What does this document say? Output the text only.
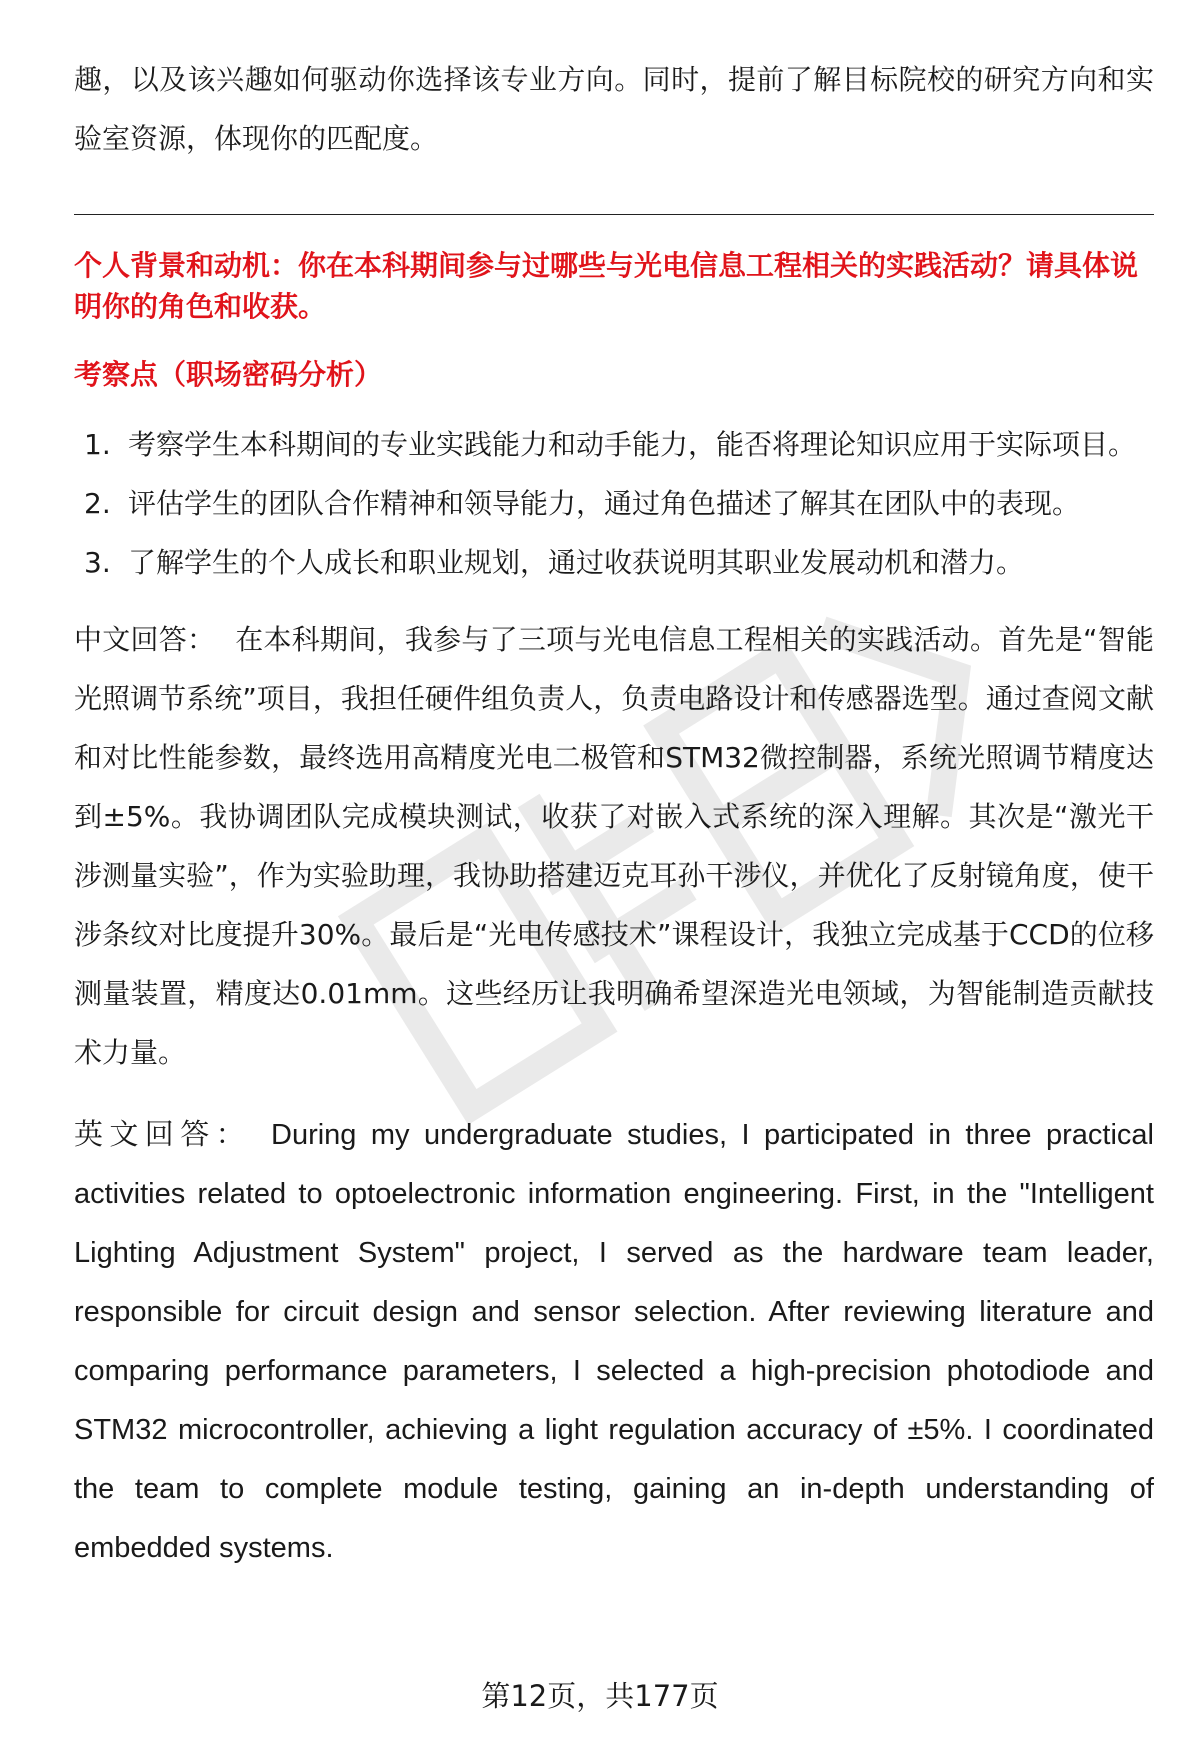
趣，以及该兴趣如何驱动你选择该专业方向。同时，提前了解目标院校的研究方向和实验室资源，体现你的匹配度。

个人背景和动机：你在本科期间参与过哪些与光电信息工程相关的实践活动？请具体说明你的角色和收获。

考察点（职场密码分析）

1. 考察学生本科期间的专业实践能力和动手能力，能否将理论知识应用于实际项目。
2. 评估学生的团队合作精神和领导能力，通过角色描述了解其在团队中的表现。
3. 了解学生的个人成长和职业规划，通过收获说明其职业发展动机和潜力。

中文回答： 在本科期间，我参与了三项与光电信息工程相关的实践活动。首先是“智能光照调节系统”项目，我担任硬件组负责人，负责电路设计和传感器选型。通过查阅文献和对比性能参数，最终选用高精度光电二极管和STM32微控制器，系统光照调节精度达到±5%。我协调团队完成模块测试，收获了对嵌入式系统的深入理解。其次是“激光干涉测量实验”，作为实验助理，我协助搭建迈克耳孙干涉仪，并优化了反射镜角度，使干涉条纹对比度提升30%。最后是“光电传感技术”课程设计，我独立完成基于CCD的位移测量装置，精度达0.01mm。这些经历让我明确希望深造光电领域，为智能制造贡献技术力量。

英文回答： During my undergraduate studies, I participated in three practical activities related to optoelectronic information engineering. First, in the "Intelligent Lighting Adjustment System" project, I served as the hardware team leader, responsible for circuit design and sensor selection. After reviewing literature and comparing performance parameters, I selected a high-precision photodiode and STM32 microcontroller, achieving a light regulation accuracy of ±5%. I coordinated the team to complete module testing, gaining an in-depth understanding of embedded systems.

第12页，共177页
